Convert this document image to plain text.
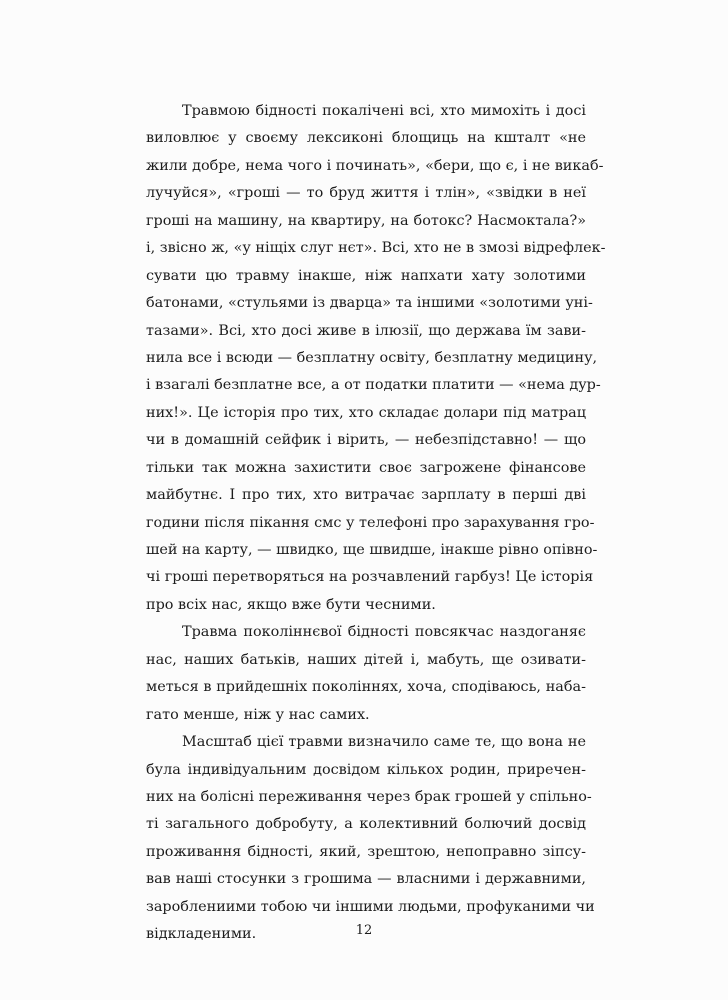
Травмою бідності покалічені всі, хто мимохіть і досі
виловлює у своєму лексиконі блощиць на кшталт «не
жили добре, нема чого і починать», «бери, що є, і не викаб-
лучуйся», «гроші — то бруд життя і тлін», «звідки в неї
гроші на машину, на квартиру, на ботокс? Насмоктала?»
і, звісно ж, «у ніщіх слуг нєт». Всі, хто не в змозі відрефлек-
сувати цю травму інакше, ніж напхати хату золотими
батонами, «стульями із дварца» та іншими «золотими уні-
тазами». Всі, хто досі живе в ілюзії, що держава їм зави-
нила все і всюди — безплатну освіту, безплатну медицину,
і взагалі безплатне все, а от податки платити — «нема дур-
них!». Це історія про тих, хто складає долари під матрац
чи в домашній сейфик і вірить, — небезпідставно! — що
тільки так можна захистити своє загрожене фінансове
майбутнє. І про тих, хто витрачає зарплату в перші дві
години після пікання смс у телефоні про зарахування гро-
шей на карту, — швидко, ще швидше, інакше рівно опівно-
чі гроші перетворяться на розчавлений гарбуз! Це історія
про всіх нас, якщо вже бути чесними.
Травма поколіннєвої бідності повсякчас наздоганяє
нас, наших батьків, наших дітей і, мабуть, ще озивати-
меться в прийдешніх поколіннях, хоча, сподіваюсь, наба-
гато менше, ніж у нас самих.
Масштаб цієї травми визначило саме те, що вона не
була індивідуальним досвідом кількох родин, приречен-
них на болісні переживання через брак грошей у спільно-
ті загального добробуту, а колективний болючий досвід
проживання бідності, який, зрештою, непоправно зіпсу-
вав наші стосунки з грошима — власними і державними,
зароблениими тобою чи іншими людьми, профуканими чи
відкладеними.	12
